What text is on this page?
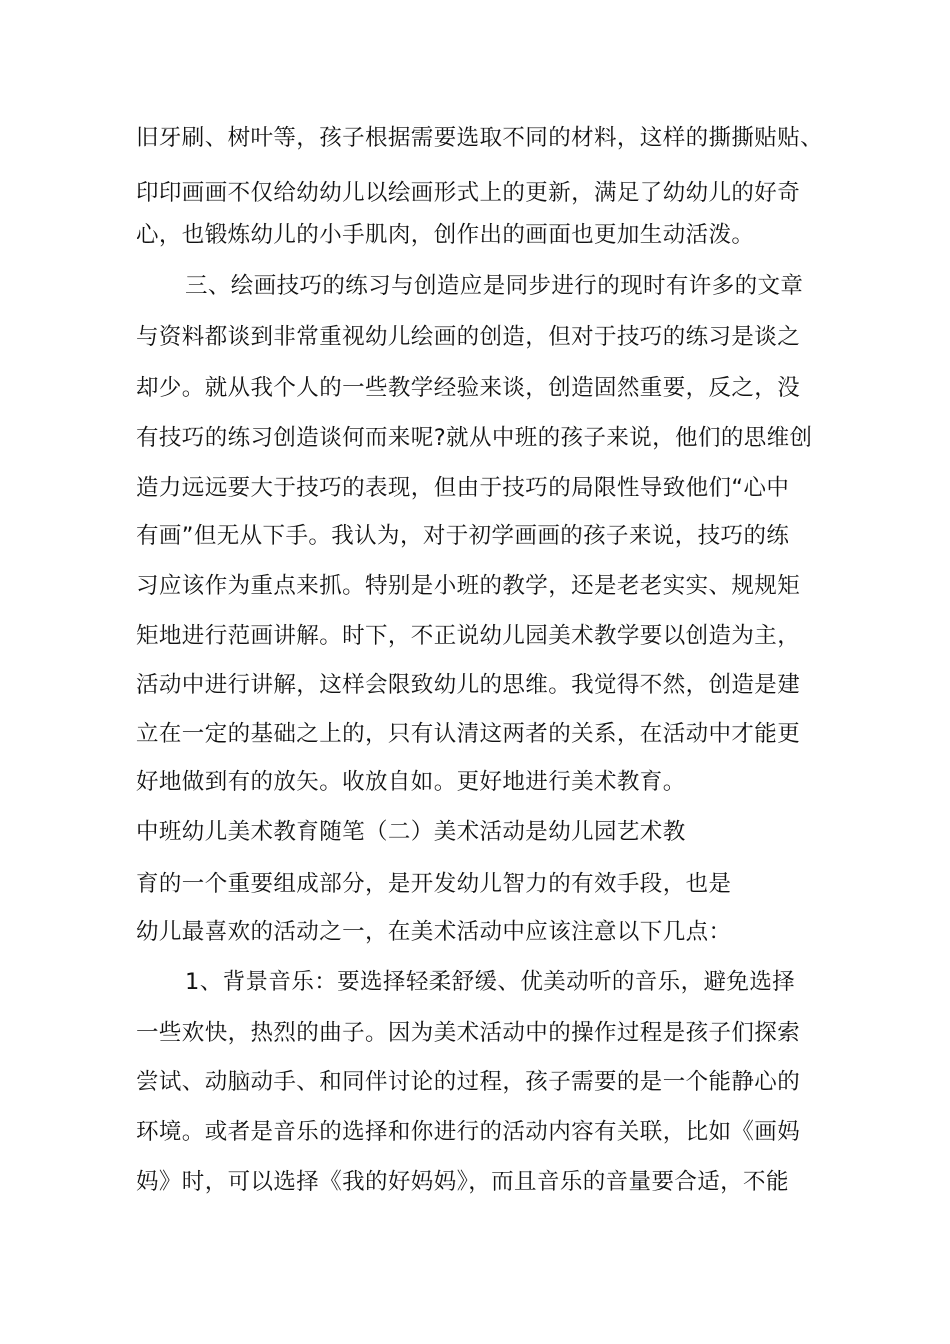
旧牙刷、树叶等，孩子根据需要选取不同的材料，这样的撕撕贴贴、

印印画画不仅给幼幼儿以绘画形式上的更新，满足了幼幼儿的好奇

心，也锻炼幼儿的小手肌肉，创作出的画面也更加生动活泼。

三、绘画技巧的练习与创造应是同步进行的现时有许多的文章

与资料都谈到非常重视幼儿绘画的创造，但对于技巧的练习是谈之

却少。就从我个人的一些教学经验来谈，创造固然重要，反之，没

有技巧的练习创造谈何而来呢?就从中班的孩子来说，他们的思维创

造力远远要大于技巧的表现，但由于技巧的局限性导致他们“心中

有画”但无从下手。我认为，对于初学画画的孩子来说，技巧的练

习应该作为重点来抓。特别是小班的教学，还是老老实实、规规矩

矩地进行范画讲解。时下，不正说幼儿园美术教学要以创造为主，

活动中进行讲解，这样会限致幼儿的思维。我觉得不然，创造是建

立在一定的基础之上的，只有认清这两者的关系，在活动中才能更

好地做到有的放矢。收放自如。更好地进行美术教育。

中班幼儿美术教育随笔（二）美术活动是幼儿园艺术教

育的一个重要组成部分，是开发幼儿智力的有效手段，也是

幼儿最喜欢的活动之一，在美术活动中应该注意以下几点：

1、背景音乐：要选择轻柔舒缓、优美动听的音乐，避免选择

一些欢快，热烈的曲子。因为美术活动中的操作过程是孩子们探索

尝试、动脑动手、和同伴讨论的过程，孩子需要的是一个能静心的

环境。或者是音乐的选择和你进行的活动内容有关联，比如《画妈

妈》时，可以选择《我的好妈妈》，而且音乐的音量要合适，不能
